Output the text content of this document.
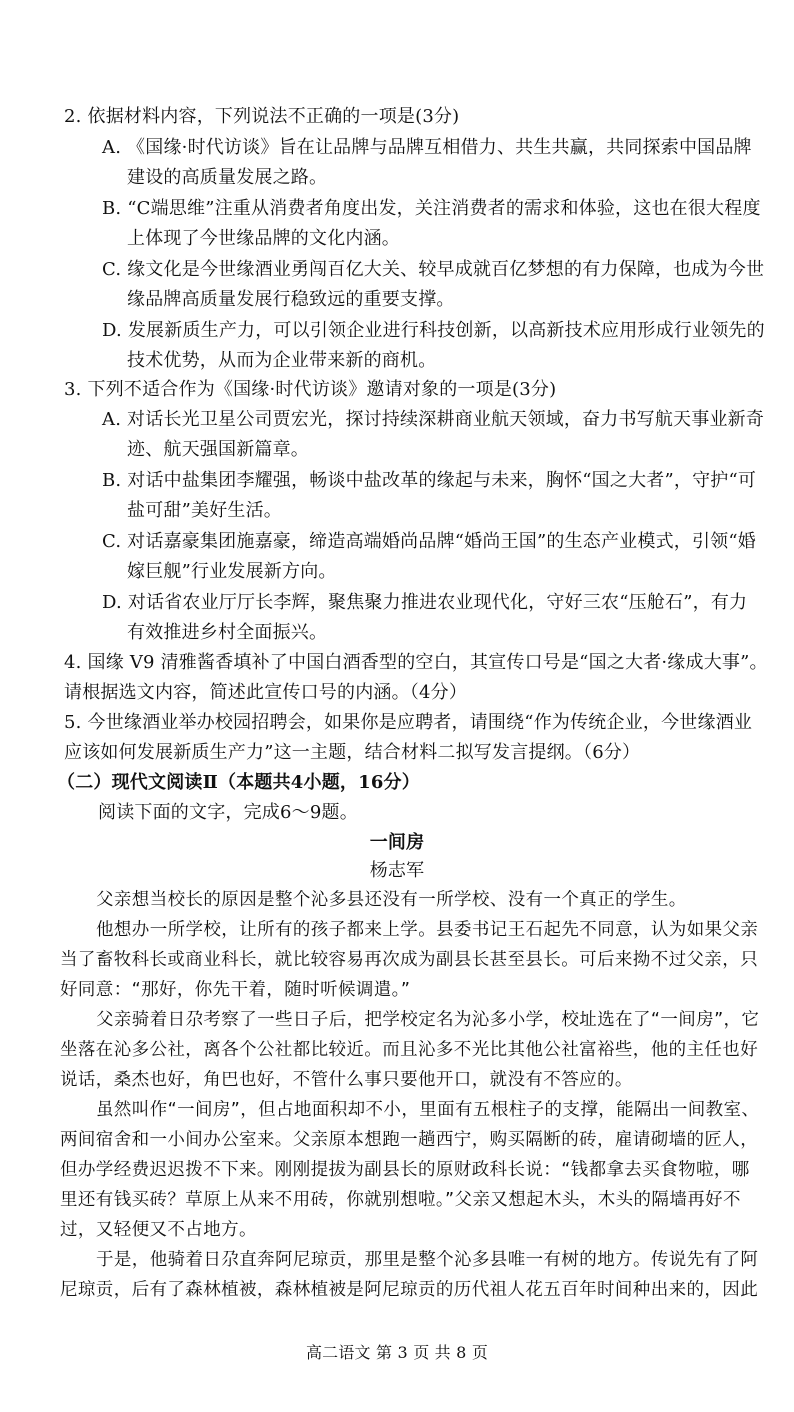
2. 依据材料内容，下列说法不正确的一项是(3分)
A. 《国缘·时代访谈》旨在让品牌与品牌互相借力、共生共赢，共同探索中国品牌
建设的高质量发展之路。
B. “C端思维”注重从消费者角度出发，关注消费者的需求和体验，这也在很大程度
上体现了今世缘品牌的文化内涵。
C. 缘文化是今世缘酒业勇闯百亿大关、较早成就百亿梦想的有力保障，也成为今世
缘品牌高质量发展行稳致远的重要支撑。
D. 发展新质生产力，可以引领企业进行科技创新，以高新技术应用形成行业领先的
技术优势，从而为企业带来新的商机。
3. 下列不适合作为《国缘·时代访谈》邀请对象的一项是(3分)
A. 对话长光卫星公司贾宏光，探讨持续深耕商业航天领域，奋力书写航天事业新奇
迹、航天强国新篇章。
B. 对话中盐集团李耀强，畅谈中盐改革的缘起与未来，胸怀“国之大者”，守护“可
盐可甜”美好生活。
C. 对话嘉豪集团施嘉豪，缔造高端婚尚品牌“婚尚王国”的生态产业模式，引领“婚
嫁巨舰”行业发展新方向。
D. 对话省农业厅厅长李辉，聚焦聚力推进农业现代化，守好三农“压舱石”，有力
有效推进乡村全面振兴。
4. 国缘 V9 清雅酱香填补了中国白酒香型的空白，其宣传口号是“国之大者·缘成大事”。
请根据选文内容，简述此宣传口号的内涵。（4分）
5. 今世缘酒业举办校园招聘会，如果你是应聘者，请围绕“作为传统企业，今世缘酒业
应该如何发展新质生产力”这一主题，结合材料二拟写发言提纲。（6分）
（二）现代文阅读Ⅱ（本题共4小题，16分）
阅读下面的文字，完成6～9题。
一间房
杨志军
父亲想当校长的原因是整个沁多县还没有一所学校、没有一个真正的学生。
他想办一所学校，让所有的孩子都来上学。县委书记王石起先不同意，认为如果父亲
当了畜牧科长或商业科长，就比较容易再次成为副县长甚至县长。可后来拗不过父亲，只
好同意：“那好，你先干着，随时听候调遣。”
父亲骑着日尕考察了一些日子后，把学校定名为沁多小学，校址选在了“一间房”，它
坐落在沁多公社，离各个公社都比较近。而且沁多不光比其他公社富裕些，他的主任也好
说话，桑杰也好，角巴也好，不管什么事只要他开口，就没有不答应的。
虽然叫作“一间房”，但占地面积却不小，里面有五根柱子的支撑，能隔出一间教室、
两间宿舍和一小间办公室来。父亲原本想跑一趟西宁，购买隔断的砖，雇请砌墙的匠人，
但办学经费迟迟拨不下来。刚刚提拔为副县长的原财政科长说：“钱都拿去买食物啦，哪
里还有钱买砖？草原上从来不用砖，你就别想啦。”父亲又想起木头，木头的隔墙再好不
过，又轻便又不占地方。
于是，他骑着日尕直奔阿尼琼贡，那里是整个沁多县唯一有树的地方。传说先有了阿
尼琼贡，后有了森林植被，森林植被是阿尼琼贡的历代祖人花五百年时间种出来的，因此
高二语文 第 3 页 共 8 页
